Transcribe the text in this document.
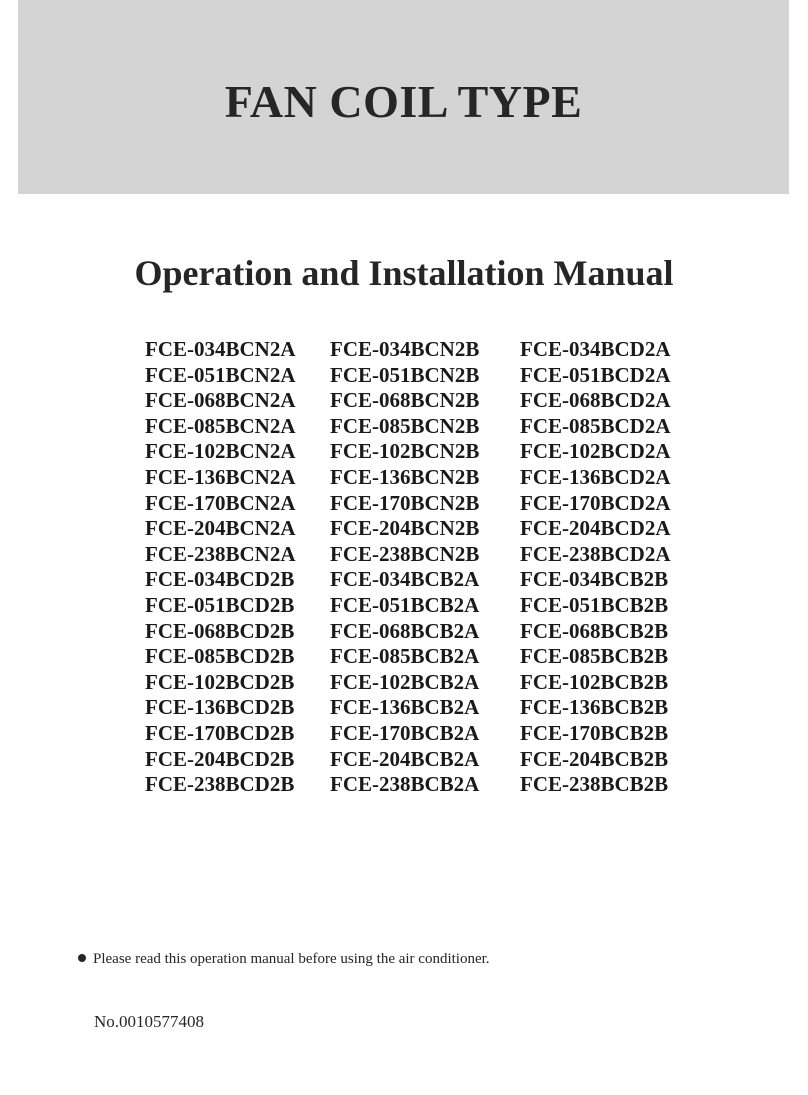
FAN COIL TYPE
Operation and Installation Manual
FCE-034BCN2A FCE-034BCN2B FCE-034BCD2A
FCE-051BCN2A FCE-051BCN2B FCE-051BCD2A
FCE-068BCN2A FCE-068BCN2B FCE-068BCD2A
FCE-085BCN2A FCE-085BCN2B FCE-085BCD2A
FCE-102BCN2A FCE-102BCN2B FCE-102BCD2A
FCE-136BCN2A FCE-136BCN2B FCE-136BCD2A
FCE-170BCN2A FCE-170BCN2B FCE-170BCD2A
FCE-204BCN2A FCE-204BCN2B FCE-204BCD2A
FCE-238BCN2A FCE-238BCN2B FCE-238BCD2A
FCE-034BCD2B FCE-034BCB2A FCE-034BCB2B
FCE-051BCD2B FCE-051BCB2A FCE-051BCB2B
FCE-068BCD2B FCE-068BCB2A FCE-068BCB2B
FCE-085BCD2B FCE-085BCB2A FCE-085BCB2B
FCE-102BCD2B FCE-102BCB2A FCE-102BCB2B
FCE-136BCD2B FCE-136BCB2A FCE-136BCB2B
FCE-170BCD2B FCE-170BCB2A FCE-170BCB2B
FCE-204BCD2B FCE-204BCB2A FCE-204BCB2B
FCE-238BCD2B FCE-238BCB2A FCE-238BCB2B
Please read this operation manual before using the air conditioner.
No.0010577408
